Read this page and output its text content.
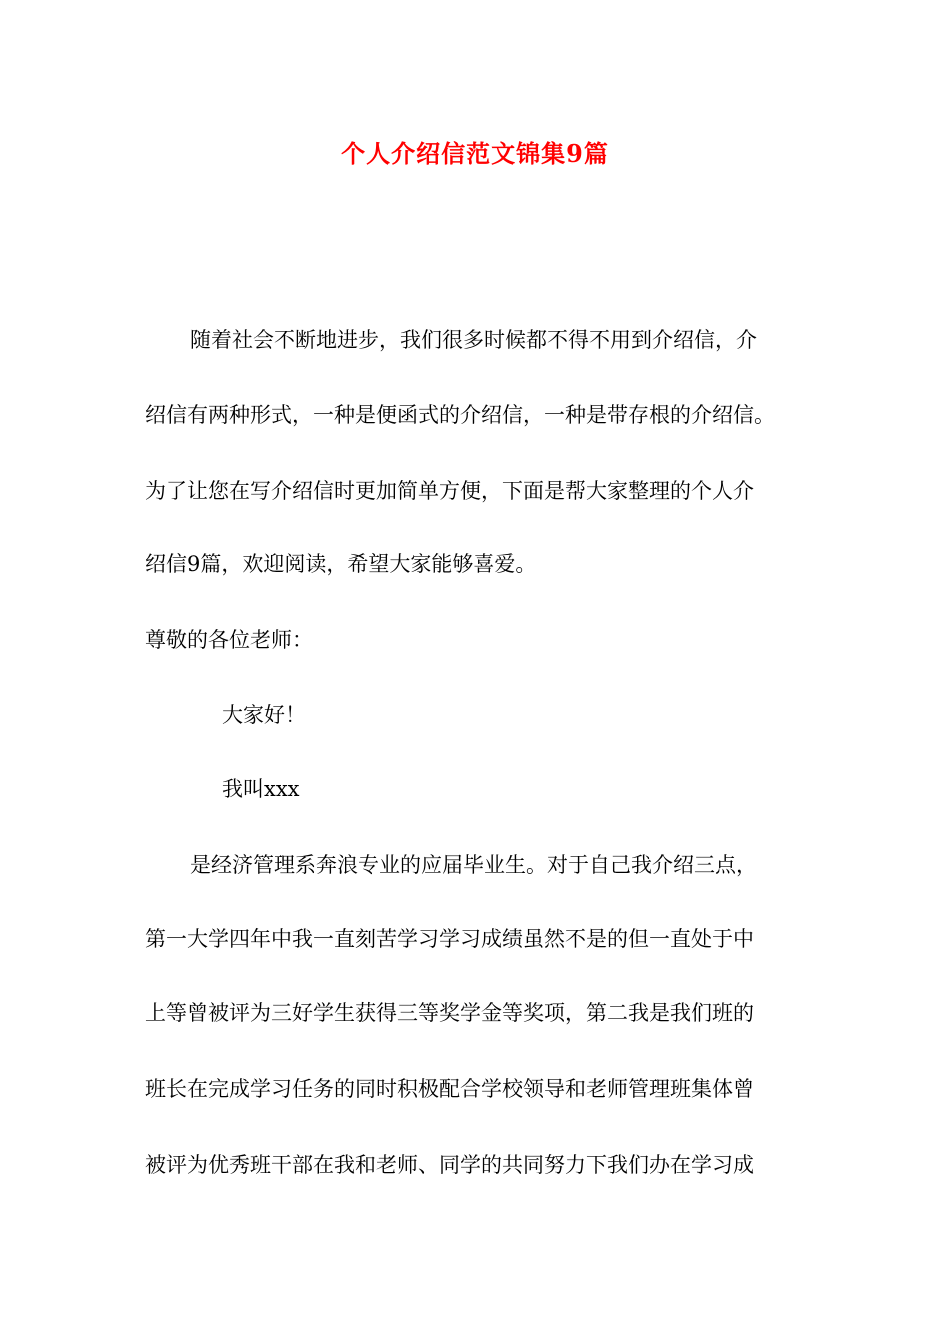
个人介绍信范文锦集9篇
随着社会不断地进步，我们很多时候都不得不用到介绍信，介
绍信有两种形式，一种是便函式的介绍信，一种是带存根的介绍信。
为了让您在写介绍信时更加简单方便，下面是帮大家整理的个人介
绍信9篇，欢迎阅读，希望大家能够喜爱。
尊敬的各位老师：
大家好！
我叫xxx
是经济管理系奔浪专业的应届毕业生。对于自己我介绍三点，
第一大学四年中我一直刻苦学习学习成绩虽然不是的但一直处于中
上等曾被评为三好学生获得三等奖学金等奖项，第二我是我们班的
班长在完成学习任务的同时积极配合学校领导和老师管理班集体曾
被评为优秀班干部在我和老师、同学的共同努力下我们办在学习成
